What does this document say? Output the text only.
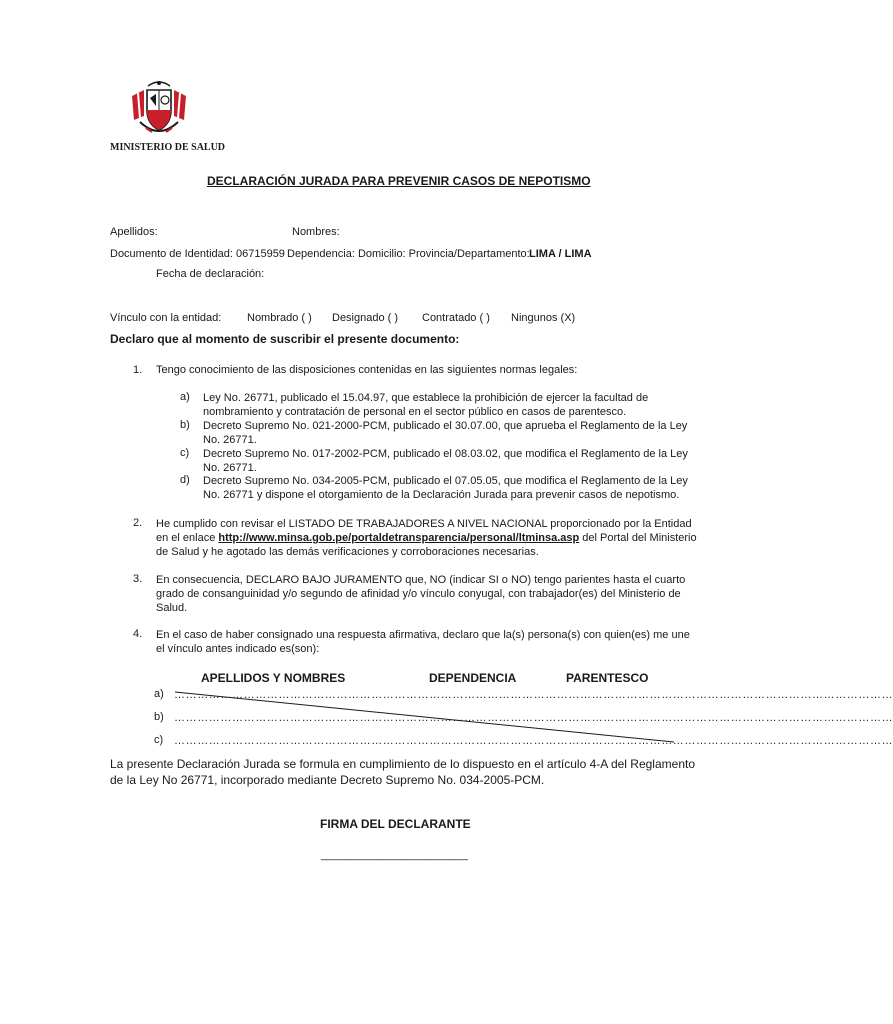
MINISTERIO DE SALUD
DECLARACIÓN JURADA PARA PREVENIR CASOS DE NEPOTISMO
Apellidos:	Nombres:
Documento de Identidad: 06715959 Dependencia: Domicilio: Provincia/Departamento: LIMA / LIMA
Fecha de declaración:
Vínculo con la entidad: Nombrado ( ) Designado ( ) Contratado ( ) Ningunos (X)
Declaro que al momento de suscribir el presente documento:
1. Tengo conocimiento de las disposiciones contenidas en las siguientes normas legales:
a) Ley No. 26771, publicado el 15.04.97, que establece la prohibición de ejercer la facultad de
nombramiento y contratación de personal en el sector público en casos de parentesco.
b) Decreto Supremo No. 021-2000-PCM, publicado el 30.07.00, que aprueba el Reglamento de la Ley
No. 26771.
c) Decreto Supremo No. 017-2002-PCM, publicado el 08.03.02, que modifica el Reglamento de la Ley
No. 26771.
d) Decreto Supremo No. 034-2005-PCM, publicado el 07.05.05, que modifica el Reglamento de la Ley
No. 26771 y dispone el otorgamiento de la Declaración Jurada para prevenir casos de nepotismo.
2. He cumplido con revisar el LISTADO DE TRABAJADORES A NIVEL NACIONAL proporcionado por la Entidad
en el enlace http://www.minsa.gob.pe/portaldetransparencia/personal/ltminsa.asp del Portal del Ministerio
de Salud y he agotado las demás verificaciones y corroboraciones necesarias.
3. En consecuencia, DECLARO BAJO JURAMENTO que, NO (indicar SI o NO) tengo parientes hasta el cuarto
grado de consanguinidad y/o segundo de afinidad y/o vínculo conyugal, con trabajador(es) del Ministerio de
Salud.
4. En el caso de haber consignado una respuesta afirmativa, declaro que la(s) persona(s) con quien(es) me une
el vínculo antes indicado es(son):
APELLIDOS Y NOMBRES	DEPENDENCIA	PARENTESCO
a) ……………………………………………………………………………………………………………………………………………………………………
b) ……………………………………………………………………………………………………………………………………………………………………
c) ……………………………………………………………………………………………………………………………………………………………………
La presente Declaración Jurada se formula en cumplimiento de lo dispuesto en el artículo 4-A del Reglamento
de la Ley No 26771, incorporado mediante Decreto Supremo No. 034-2005-PCM.
FIRMA DEL DECLARANTE
________________________
